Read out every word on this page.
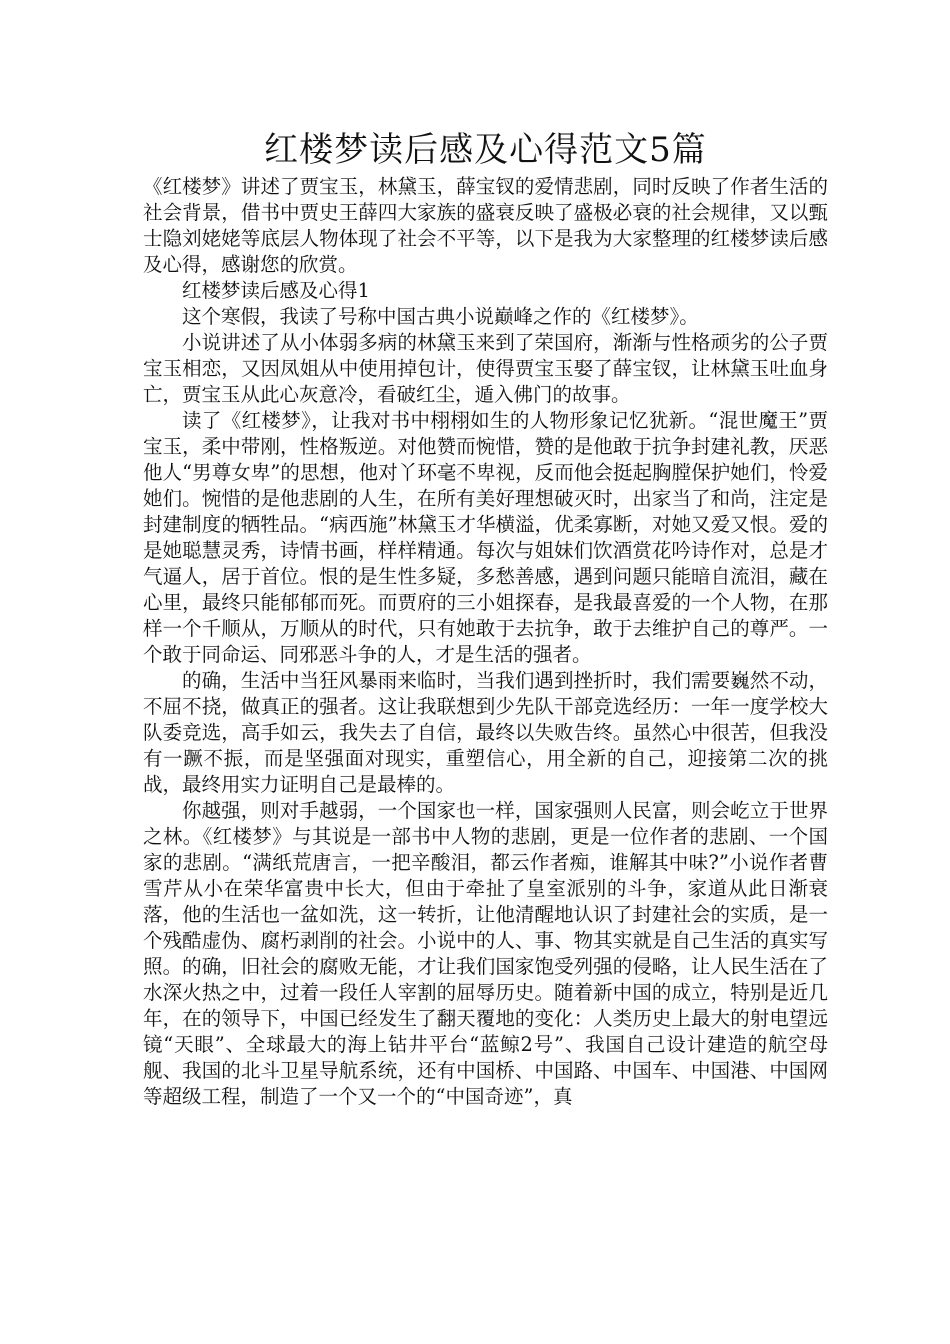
红楼梦读后感及心得范文5篇

《红楼梦》讲述了贾宝玉，林黛玉，薛宝钗的爱情悲剧，同时反映了作者生活的社会背景，借书中贾史王薛四大家族的盛衰反映了盛极必衰的社会规律，又以甄士隐刘姥姥等底层人物体现了社会不平等，以下是我为大家整理的红楼梦读后感及心得，感谢您的欣赏。

红楼梦读后感及心得1

这个寒假，我读了号称中国古典小说巅峰之作的《红楼梦》。

小说讲述了从小体弱多病的林黛玉来到了荣国府，渐渐与性格顽劣的公子贾宝玉相恋，又因凤姐从中使用掉包计，使得贾宝玉娶了薛宝钗，让林黛玉吐血身亡，贾宝玉从此心灰意冷，看破红尘，遁入佛门的故事。

读了《红楼梦》，让我对书中栩栩如生的人物形象记忆犹新。“混世魔王”贾宝玉，柔中带刚，性格叛逆。对他赞而惋惜，赞的是他敢于抗争封建礼教，厌恶他人“男尊女卑”的思想，他对丫环毫不卑视，反而他会挺起胸膛保护她们，怜爱她们。惋惜的是他悲剧的人生，在所有美好理想破灭时，出家当了和尚，注定是封建制度的牺牲品。“病西施”林黛玉才华横溢，优柔寡断，对她又爱又恨。爱的是她聪慧灵秀，诗情书画，样样精通。每次与姐妹们饮酒赏花吟诗作对，总是才气逼人，居于首位。恨的是生性多疑，多愁善感，遇到问题只能暗自流泪，藏在心里，最终只能郁郁而死。而贾府的三小姐探春，是我最喜爱的一个人物，在那样一个千顺从，万顺从的时代，只有她敢于去抗争，敢于去维护自己的尊严。一个敢于同命运、同邪恶斗争的人，才是生活的强者。

的确，生活中当狂风暴雨来临时，当我们遇到挫折时，我们需要巍然不动，不屈不挠，做真正的强者。这让我联想到少先队干部竞选经历：一年一度学校大队委竞选，高手如云，我失去了自信，最终以失败告终。虽然心中很苦，但我没有一蹶不振，而是坚强面对现实，重塑信心，用全新的自己，迎接第二次的挑战，最终用实力证明自己是最棒的。

你越强，则对手越弱，一个国家也一样，国家强则人民富，则会屹立于世界之林。《红楼梦》与其说是一部书中人物的悲剧，更是一位作者的悲剧、一个国家的悲剧。“满纸荒唐言，一把辛酸泪，都云作者痴，谁解其中味?”小说作者曹雪芹从小在荣华富贵中长大，但由于牵扯了皇室派别的斗争，家道从此日渐衰落，他的生活也一盆如洗，这一转折，让他清醒地认识了封建社会的实质，是一个残酷虚伪、腐朽剥削的社会。小说中的人、事、物其实就是自己生活的真实写照。的确，旧社会的腐败无能，才让我们国家饱受列强的侵略，让人民生活在了水深火热之中，过着一段任人宰割的屈辱历史。随着新中国的成立，特别是近几年，在的领导下，中国已经发生了翻天覆地的变化：人类历史上最大的射电望远镜“天眼”、全球最大的海上钻井平台“蓝鲸2号”、我国自己设计建造的航空母舰、我国的北斗卫星导航系统，还有中国桥、中国路、中国车、中国港、中国网等超级工程，制造了一个又一个的“中国奇迹”，真
